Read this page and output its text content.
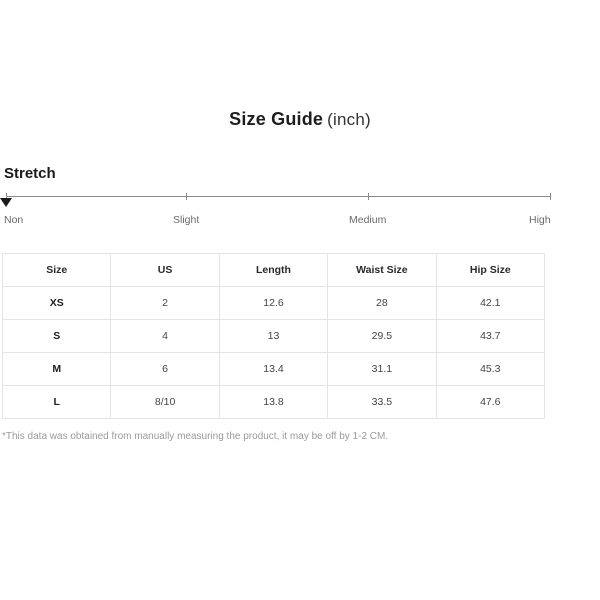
Size Guide (inch)
Stretch
Non	Slight	Medium	High
Size	US	Length	Waist Size	Hip Size
XS	2	12.6	28	42.1
S	4	13	29.5	43.7
M	6	13.4	31.1	45.3
L	8/10	13.8	33.5	47.6
*This data was obtained from manually measuring the product, it may be off by 1-2 CM.
